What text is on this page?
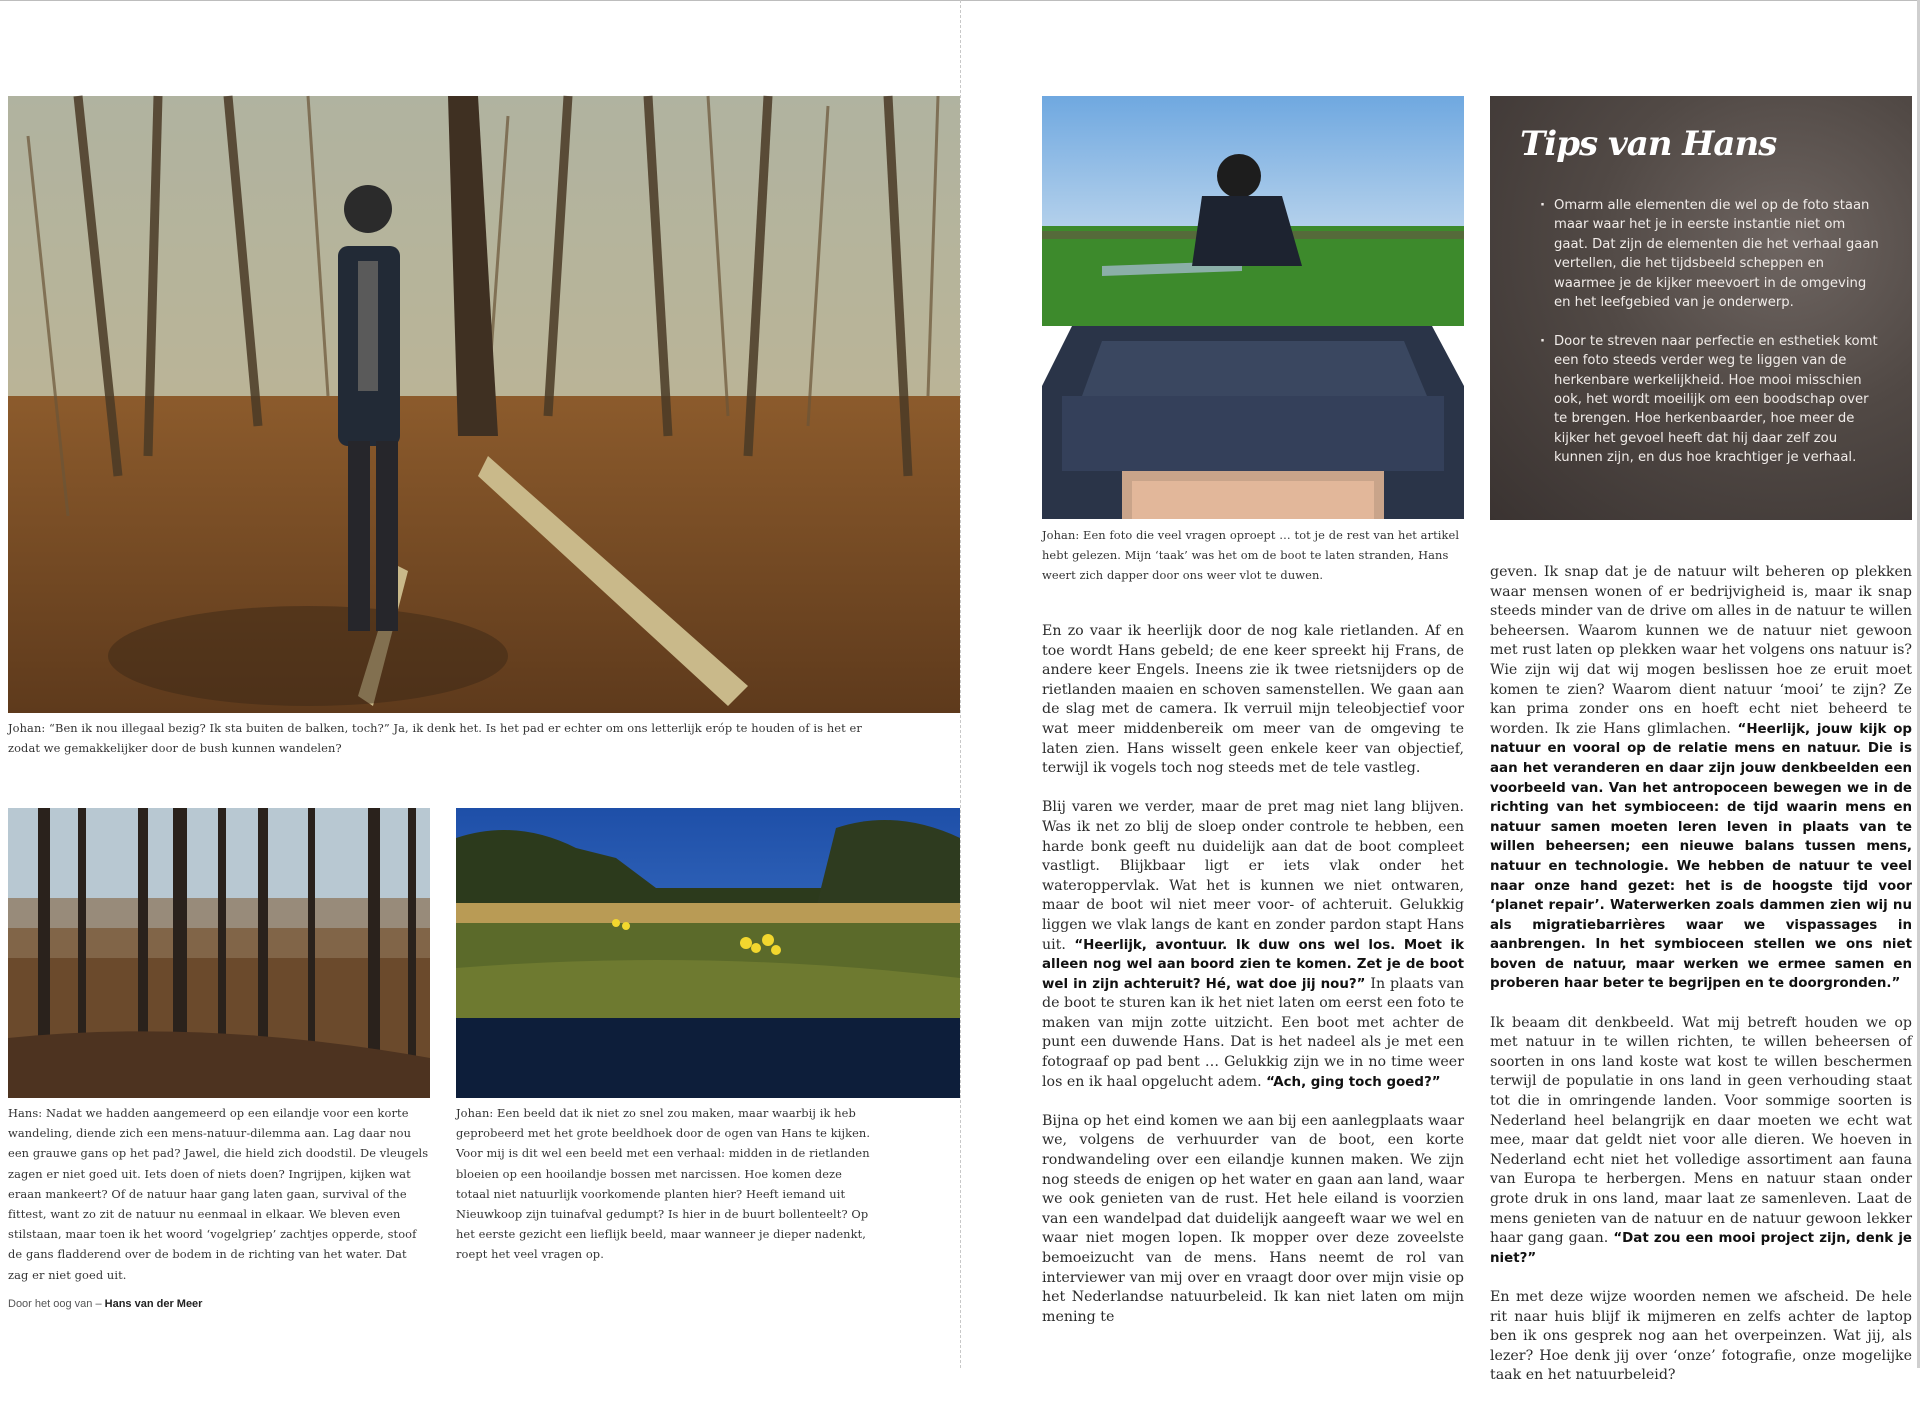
Johan: “Ben ik nou illegaal bezig? Ik sta buiten de balken, toch?” Ja, ik denk het. Is het pad er echter om ons letterlijk eróp te houden of is het er zodat we gemakkelijker door de bush kunnen wandelen?
Hans: Nadat we hadden aangemeerd op een eilandje voor een korte wandeling, diende zich een mens-natuur-dilemma aan. Lag daar nou een grauwe gans op het pad? Jawel, die hield zich doodstil. De vleugels zagen er niet goed uit. Iets doen of niets doen? Ingrijpen, kijken wat eraan mankeert? Of de natuur haar gang laten gaan, survival of the fittest, want zo zit de natuur nu eenmaal in elkaar. We bleven even stilstaan, maar toen ik het woord ‘vogelgriep’ zachtjes opperde, stoof de gans fladderend over de bodem in de richting van het water. Dat zag er niet goed uit.
Johan: Een beeld dat ik niet zo snel zou maken, maar waarbij ik heb geprobeerd met het grote beeldhoek door de ogen van Hans te kijken. Voor mij is dit wel een beeld met een verhaal: midden in de rietlanden bloeien op een hooilandje bossen met narcissen. Hoe komen deze totaal niet natuurlijk voorkomende planten hier? Heeft iemand uit Nieuwkoop zijn tuinafval gedumpt? Is hier in de buurt bollenteelt? Op het eerste gezicht een lieflijk beeld, maar wanneer je dieper nadenkt, roept het veel vragen op.
Door het oog van – Hans van der Meer
Johan: Een foto die veel vragen oproept … tot je de rest van het artikel hebt gelezen. Mijn ‘taak’ was het om de boot te laten stranden, Hans weert zich dapper door ons weer vlot te duwen.
Tips van Hans
· Omarm alle elementen die wel op de foto staan maar waar het je in eerste instantie niet om gaat. Dat zijn de elementen die het verhaal gaan vertellen, die het tijdsbeeld scheppen en waarmee je de kijker meevoert in de omgeving en het leefgebied van je onderwerp.
· Door te streven naar perfectie en esthetiek komt een foto steeds verder weg te liggen van de herkenbare werkelijkheid. Hoe mooi misschien ook, het wordt moeilijk om een boodschap over te brengen. Hoe herkenbaarder, hoe meer de kijker het gevoel heeft dat hij daar zelf zou kunnen zijn, en dus hoe krachtiger je verhaal.

En zo vaar ik heerlijk door de nog kale rietlanden. Af en toe wordt Hans gebeld; de ene keer spreekt hij Frans, de andere keer Engels. Ineens zie ik twee rietsnijders op de rietlanden maaien en schoven samenstellen. We gaan aan de slag met de camera. Ik verruil mijn teleobjectief voor wat meer middenbereik om meer van de omgeving te laten zien. Hans wisselt geen enkele keer van objectief, terwijl ik vogels toch nog steeds met de tele vastleg.

Blij varen we verder, maar de pret mag niet lang blijven. Was ik net zo blij de sloep onder controle te hebben, een harde bonk geeft nu duidelijk aan dat de boot compleet vastligt. Blijkbaar ligt er iets vlak onder het wateroppervlak. Wat het is kunnen we niet ontwaren, maar de boot wil niet meer voor- of achteruit. Gelukkig liggen we vlak langs de kant en zonder pardon stapt Hans uit. “Heerlijk, avontuur. Ik duw ons wel los. Moet ik alleen nog wel aan boord zien te komen. Zet je de boot wel in zijn achteruit? Hé, wat doe jij nou?” In plaats van de boot te sturen kan ik het niet laten om eerst een foto te maken van mijn zotte uitzicht. Een boot met achter de punt een duwende Hans. Dat is het nadeel als je met een fotograaf op pad bent … Gelukkig zijn we in no time weer los en ik haal opgelucht adem. “Ach, ging toch goed?”

Bijna op het eind komen we aan bij een aanlegplaats waar we, volgens de verhuurder van de boot, een korte rondwandeling over een eilandje kunnen maken. We zijn nog steeds de enigen op het water en gaan aan land, waar we ook genieten van de rust. Het hele eiland is voorzien van een wandelpad dat duidelijk aangeeft waar we wel en waar niet mogen lopen. Ik mopper over deze zoveelste bemoeizucht van de mens. Hans neemt de rol van interviewer van mij over en vraagt door over mijn visie op het Nederlandse natuurbeleid. Ik kan niet laten om mijn mening te

geven. Ik snap dat je de natuur wilt beheren op plekken waar mensen wonen of er bedrijvigheid is, maar ik snap steeds minder van de drive om alles in de natuur te willen beheersen. Waarom kunnen we de natuur niet gewoon met rust laten op plekken waar het volgens ons natuur is? Wie zijn wij dat wij mogen beslissen hoe ze eruit moet komen te zien? Waarom dient natuur ‘mooi’ te zijn? Ze kan prima zonder ons en hoeft echt niet beheerd te worden. Ik zie Hans glimlachen. “Heerlijk, jouw kijk op natuur en vooral op de relatie mens en natuur. Die is aan het veranderen en daar zijn jouw denkbeelden een voorbeeld van. Van het antropoceen bewegen we in de richting van het symbioceen: de tijd waarin mens en natuur samen moeten leren leven in plaats van te willen beheersen; een nieuwe balans tussen mens, natuur en technologie. We hebben de natuur te veel naar onze hand gezet: het is de hoogste tijd voor ‘planet repair’. Waterwerken zoals dammen zien wij nu als migratiebarrières waar we vispassages in aanbrengen. In het symbioceen stellen we ons niet boven de natuur, maar werken we ermee samen en proberen haar beter te begrijpen en te doorgronden.”

Ik beaam dit denkbeeld. Wat mij betreft houden we op met natuur in te willen richten, te willen beheersen of soorten in ons land koste wat kost te willen beschermen terwijl de populatie in ons land in geen verhouding staat tot die in omringende landen. Voor sommige soorten is Nederland heel belangrijk en daar moeten we echt wat mee, maar dat geldt niet voor alle dieren. We hoeven in Nederland echt niet het volledige assortiment aan fauna van Europa te herbergen. Mens en natuur staan onder grote druk in ons land, maar laat ze samenleven. Laat de mens genieten van de natuur en de natuur gewoon lekker haar gang gaan. “Dat zou een mooi project zijn, denk je niet?”

En met deze wijze woorden nemen we afscheid. De hele rit naar huis blijf ik mijmeren en zelfs achter de laptop ben ik ons gesprek nog aan het overpeinzen. Wat jij, als lezer? Hoe denk jij over ‘onze’ fotografie, onze mogelijke taak en het natuurbeleid?
